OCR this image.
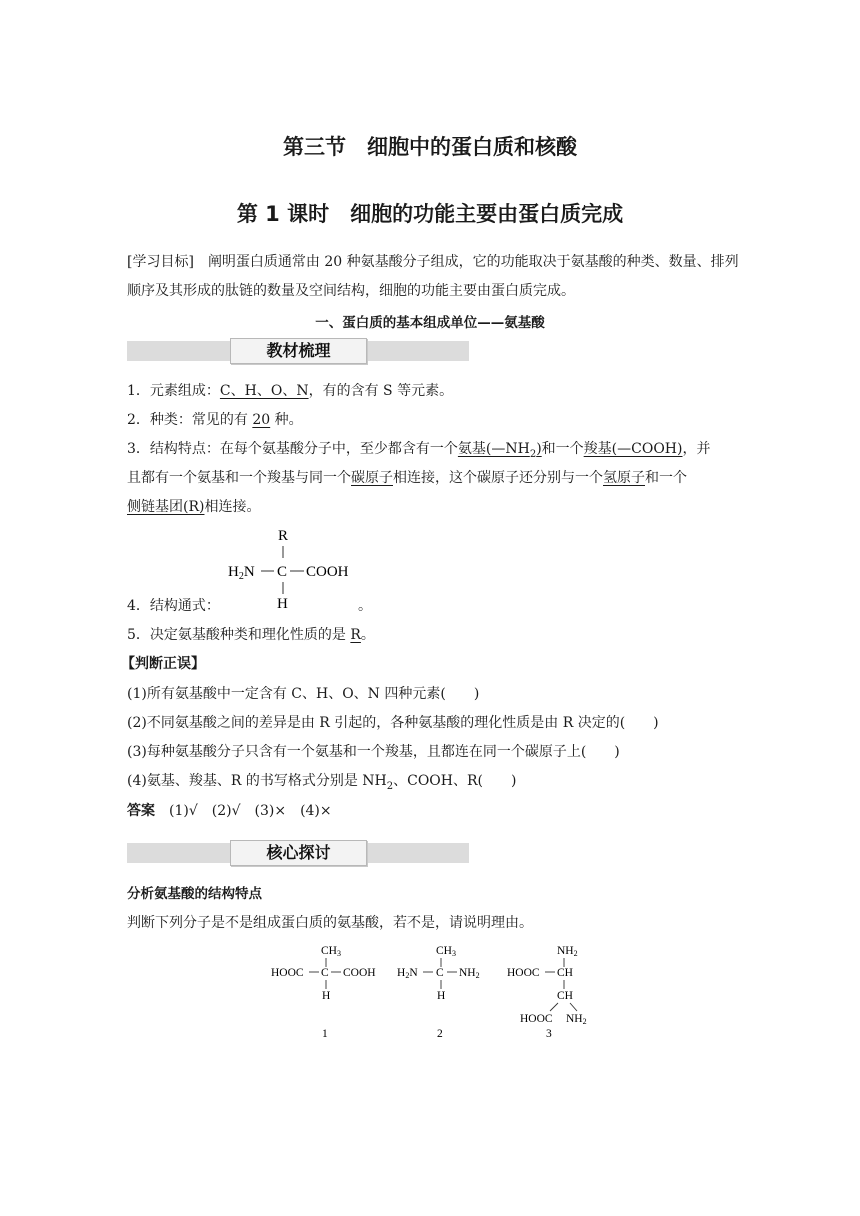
第三节　细胞中的蛋白质和核酸
第 1 课时　细胞的功能主要由蛋白质完成
[学习目标]　 阐明蛋白质通常由 20 种氨基酸分子组成，它的功能取决于氨基酸的种类、数量、排列顺序及其形成的肽链的数量及空间结构，细胞的功能主要由蛋白质完成。
一、蛋白质的基本组成单位——氨基酸
教材梳理
1．元素组成：C、H、O、N，有的含有 S 等元素。
2．种类：常见的有 20 种。
3．结构特点：在每个氨基酸分子中，至少都含有一个氨基$(—NH_2)$和一个羧基(—COOH)，并
且都有一个氨基和一个羧基与同一个碳原子相连接，这个碳原子还分别与一个氢原子和一个
侧链基团(R)相连接。
R
$H_2N$ C COOH
H
4．结构通式：	。
5．决定氨基酸种类和理化性质的是 R。
【判断正误】
(1)所有氨基酸中一定含有 C、H、O、N 四种元素(　　)
(2)不同氨基酸之间的差异是由 R 引起的，各种氨基酸的理化性质是由 R 决定的(　　)
(3)每种氨基酸分子只含有一个氨基和一个羧基，且都连在同一个碳原子上(　　)
(4)氨基、羧基、R 的书写格式分别是 $NH_2$、COOH、R(　　)
答案　 (1)√　(2)√　(3)×　(4)×
核心探讨
分析氨基酸的结构特点
判断下列分子是不是组成蛋白质的氨基酸，若不是，请说明理由。
CH3
HOOC C COOH
H
1
CH3
H2N C NH2
H
2
NH2
HOOC CH
CH
HOOC NH2
3
